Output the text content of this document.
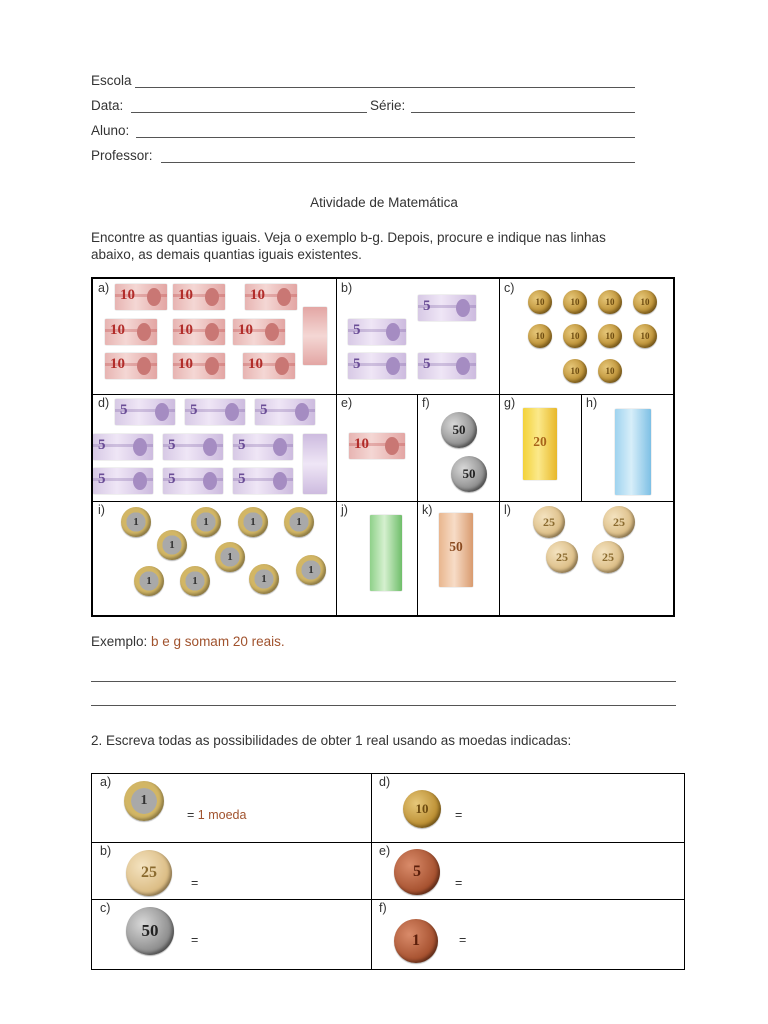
Escola
Data:	Série:
Aluno:
Professor:
Atividade de Matemática
Encontre as quantias iguais. Veja o exemplo b-g. Depois, procure e indique nas linhas
abaixo, as demais quantias iguais existentes.
a) 10	10	10
10	10	10
10	10	10
b)
5
5
5	5
c)
10	10	10	10
10	10	10	10
10	10
d) 5	5	5
5	5	5
5	5	5
e)
10
f)
50
50
g)
20
h)
i)
1	1	1	1
1
1
1
1	1	1
j)	k)
50
l)
25	25
25	25
Exemplo: b e g somam 20 reais.
2. Escreva todas as possibilidades de obter 1 real usando as moedas indicadas:
a)
1
= 1 moeda
d)
10	=
b)
25
=
e)
5
=
c)
50	=
f)
1	=
